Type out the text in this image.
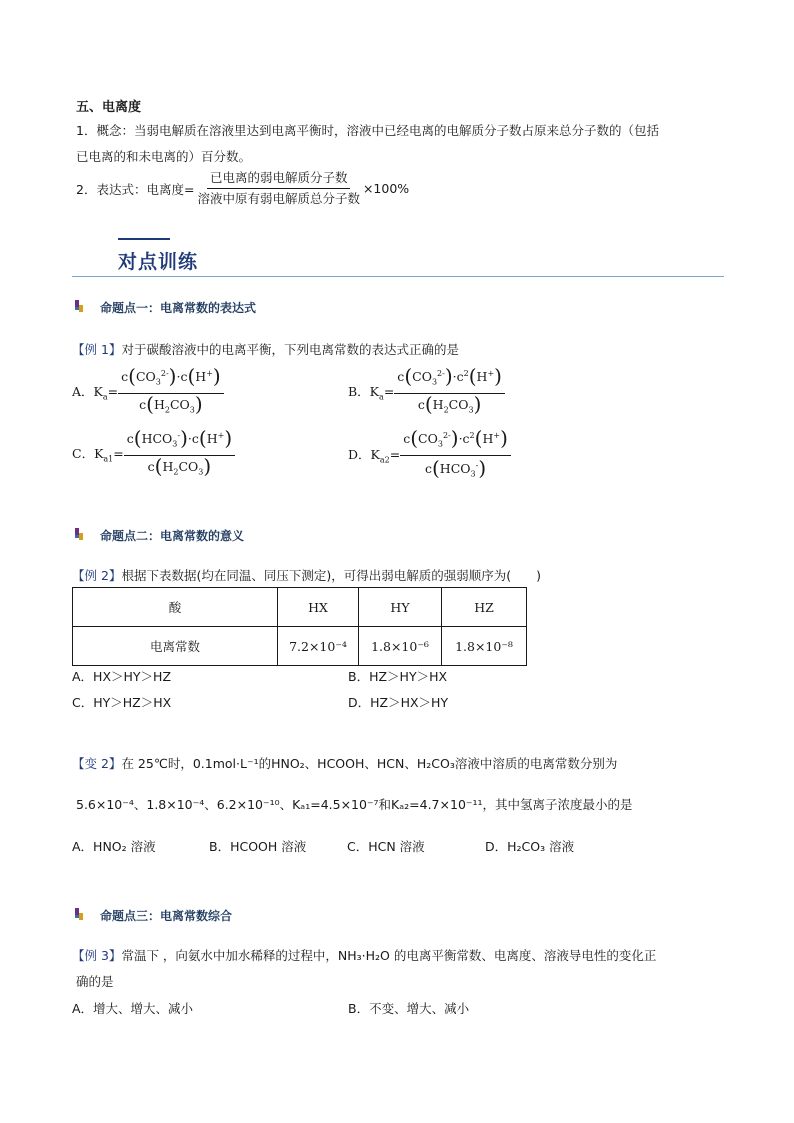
五、电离度
1．概念：当弱电解质在溶液里达到电离平衡时，溶液中已经电离的电解质分子数占原来总分子数的（包括
已电离的和未电离的）百分数。
2．表达式：电离度= $\frac{\text{已电离的弱电解质分子数}}{\text{溶液中原有弱电解质总分子数}} \times 100\%$
对点训练
命题点一：电离常数的表达式
【例 1】对于碳酸溶液中的电离平衡，下列电离常数的表达式正确的是
A．$K_a= \frac{c(CO_3^{2-})\cdot c(H^+)}{c(H_2CO_3)}$	B．$K_a= \frac{c(CO_3^{2-})\cdot c^2(H^+)}{c(H_2CO_3)}$
C．$K_{a1}= \frac{c(HCO_3^-)\cdot c(H^+)}{c(H_2CO_3)}$	D．$K_{a2}= \frac{c(CO_3^{2-})\cdot c^2(H^+)}{c(HCO_3^-)}$
命题点二：电离常数的意义
【例 2】根据下表数据(均在同温、同压下测定)，可得出弱电解质的强弱顺序为(　　)
酸	HX	HY	HZ
电离常数	7.2×10⁻⁴	1.8×10⁻⁶	1.8×10⁻⁸
A．HX＞HY＞HZ	B．HZ＞HY＞HX
C．HY＞HZ＞HX	D．HZ＞HX＞HY
【变 2】在 25℃时，0.1mol·L⁻¹的HNO₂、HCOOH、HCN、H₂CO₃溶液中溶质的电离常数分别为
5.6×10⁻⁴、1.8×10⁻⁴、6.2×10⁻¹⁰、Kₐ₁=4.5×10⁻⁷和Kₐ₂=4.7×10⁻¹¹，其中氢离子浓度最小的是
A．HNO₂ 溶液	B．HCOOH 溶液	C．HCN 溶液	D．H₂CO₃ 溶液
命题点三：电离常数综合
【例 3】常温下 ，向氨水中加水稀释的过程中，NH₃·H₂O 的电离平衡常数、电离度、溶液导电性的变化正
确的是
A．增大、增大、减小	B．不变、增大、减小
